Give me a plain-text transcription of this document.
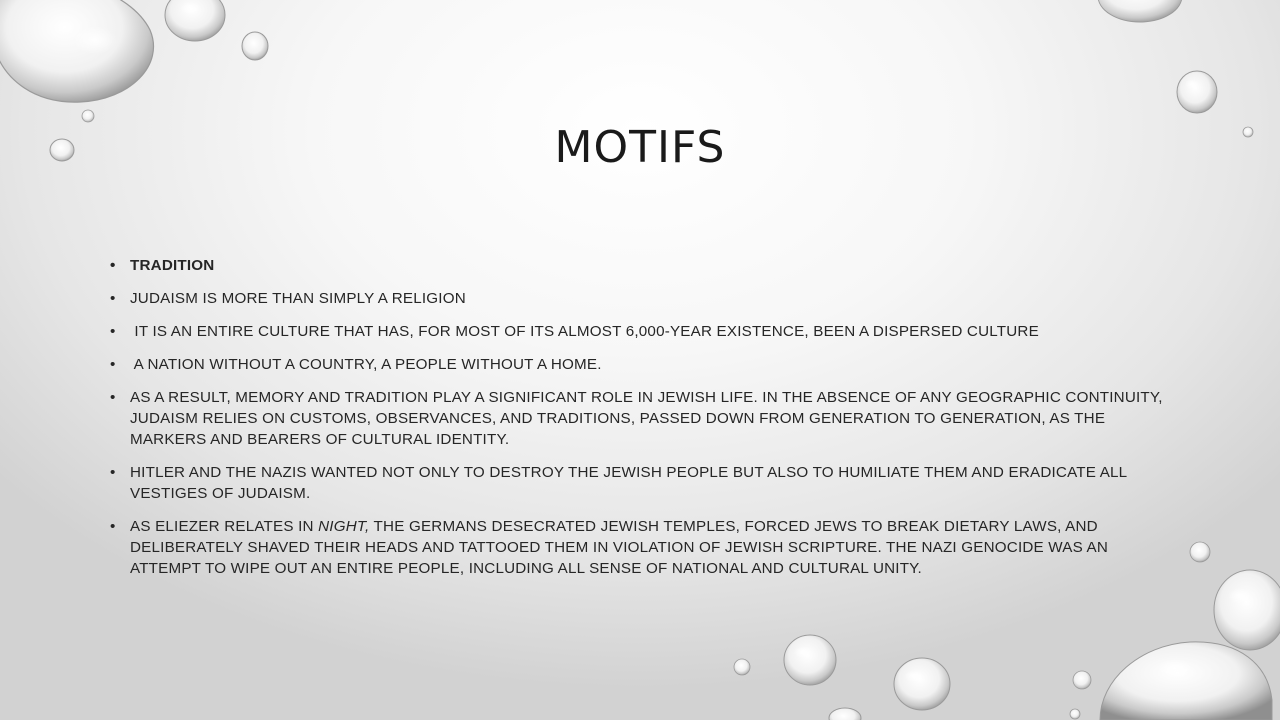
MOTIFS
• TRADITION
• JUDAISM IS MORE THAN SIMPLY A RELIGION
•  IT IS AN ENTIRE CULTURE THAT HAS, FOR MOST OF ITS ALMOST 6,000-YEAR EXISTENCE, BEEN A DISPERSED CULTURE
•  A NATION WITHOUT A COUNTRY, A PEOPLE WITHOUT A HOME.
• AS A RESULT, MEMORY AND TRADITION PLAY A SIGNIFICANT ROLE IN JEWISH LIFE. IN THE ABSENCE OF ANY GEOGRAPHIC CONTINUITY, JUDAISM RELIES ON CUSTOMS, OBSERVANCES, AND TRADITIONS, PASSED DOWN FROM GENERATION TO GENERATION, AS THE MARKERS AND BEARERS OF CULTURAL IDENTITY.
• HITLER AND THE NAZIS WANTED NOT ONLY TO DESTROY THE JEWISH PEOPLE BUT ALSO TO HUMILIATE THEM AND ERADICATE ALL VESTIGES OF JUDAISM.
• AS ELIEZER RELATES IN NIGHT, THE GERMANS DESECRATED JEWISH TEMPLES, FORCED JEWS TO BREAK DIETARY LAWS, AND DELIBERATELY SHAVED THEIR HEADS AND TATTOOED THEM IN VIOLATION OF JEWISH SCRIPTURE. THE NAZI GENOCIDE WAS AN ATTEMPT TO WIPE OUT AN ENTIRE PEOPLE, INCLUDING ALL SENSE OF NATIONAL AND CULTURAL UNITY.
